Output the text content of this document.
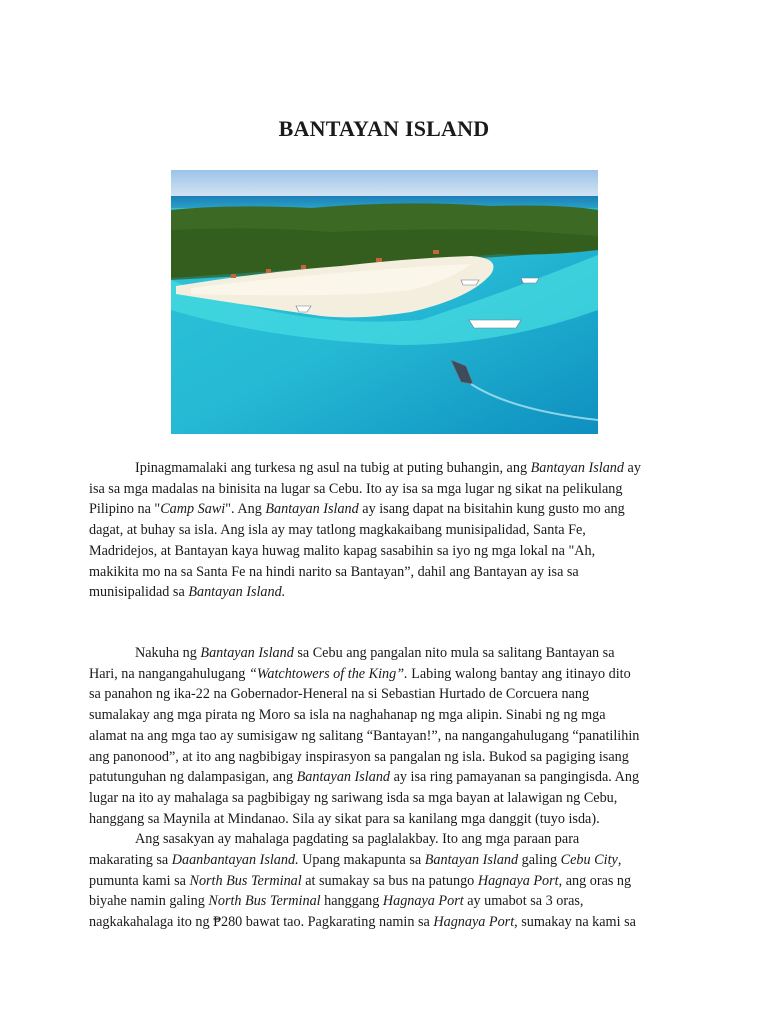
BANTAYAN ISLAND

Ipinagmamalaki ang turkesa ng asul na tubig at puting buhangin, ang Bantayan Island ay
isa sa mga madalas na binisita na lugar sa Cebu. Ito ay isa sa mga lugar ng sikat na pelikulang
Pilipino na "Camp Sawi". Ang Bantayan Island ay isang dapat na bisitahin kung gusto mo ang
dagat, at buhay sa isla. Ang isla ay may tatlong magkakaibang munisipalidad, Santa Fe,
Madridejos, at Bantayan kaya huwag malito kapag sasabihin sa iyo ng mga lokal na "Ah,
makikita mo na sa Santa Fe na hindi narito sa Bantayan”, dahil ang Bantayan ay isa sa
munisipalidad sa Bantayan Island.

Nakuha ng Bantayan Island sa Cebu ang pangalan nito mula sa salitang Bantayan sa
Hari, na nangangahulugang “Watchtowers of the King”. Labing walong bantay ang itinayo dito
sa panahon ng ika-22 na Gobernador-Heneral na si Sebastian Hurtado de Corcuera nang
sumalakay ang mga pirata ng Moro sa isla na naghahanap ng mga alipin. Sinabi ng ng mga
alamat na ang mga tao ay sumisigaw ng salitang “Bantayan!”, na nangangahulugang “panatilihin
ang panonood”, at ito ang nagbibigay inspirasyon sa pangalan ng isla. Bukod sa pagiging isang
patutunguhan ng dalampasigan, ang Bantayan Island ay isa ring pamayanan sa pangingisda. Ang
lugar na ito ay mahalaga sa pagbibigay ng sariwang isda sa mga bayan at lalawigan ng Cebu,
hanggang sa Maynila at Mindanao. Sila ay sikat para sa kanilang mga danggit (tuyo isda).
Ang sasakyan ay mahalaga pagdating sa paglalakbay. Ito ang mga paraan para
makarating sa Daanbantayan Island. Upang makapunta sa Bantayan Island galing Cebu City,
pumunta kami sa North Bus Terminal at sumakay sa bus na patungo Hagnaya Port, ang oras ng
biyahe namin galing North Bus Terminal hanggang Hagnaya Port ay umabot sa 3 oras,
nagkakahalaga ito ng ₱280 bawat tao. Pagkarating namin sa Hagnaya Port, sumakay na kami sa
